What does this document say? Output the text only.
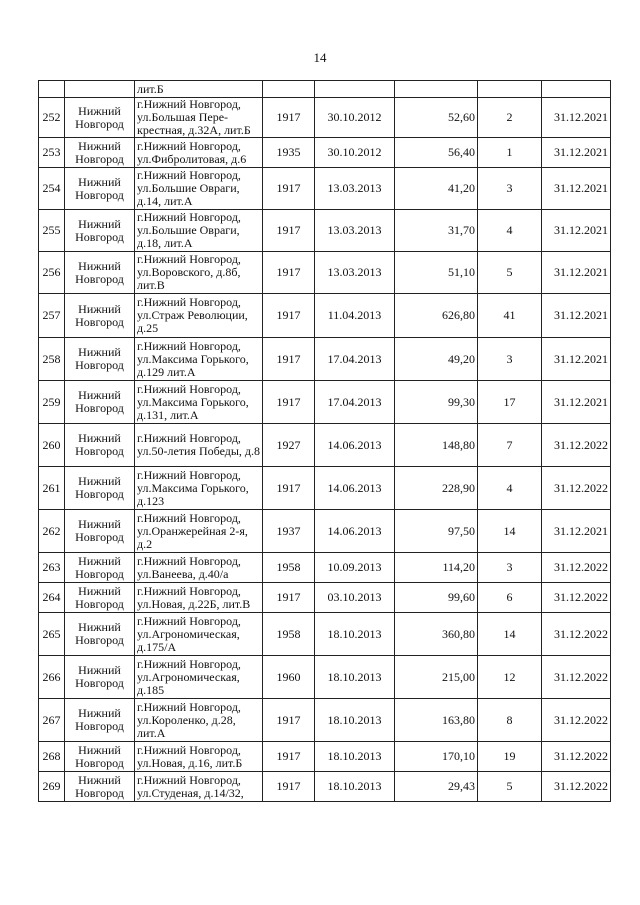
14
		лит.Б					
252	Нижний Новгород	г.Нижний Новгород, ул.Большая Пере-крестная, д.32А, лит.Б	1917	30.10.2012	52,60	2	31.12.2021
253	Нижний Новгород	г.Нижний Новгород, ул.Фибролитовая, д.6	1935	30.10.2012	56,40	1	31.12.2021
254	Нижний Новгород	г.Нижний Новгород, ул.Большие Овраги, д.14, лит.А	1917	13.03.2013	41,20	3	31.12.2021
255	Нижний Новгород	г.Нижний Новгород, ул.Большие Овраги, д.18, лит.А	1917	13.03.2013	31,70	4	31.12.2021
256	Нижний Новгород	г.Нижний Новгород, ул.Воровского, д.8б, лит.В	1917	13.03.2013	51,10	5	31.12.2021
257	Нижний Новгород	г.Нижний Новгород, ул.Страж Революции, д.25	1917	11.04.2013	626,80	41	31.12.2021
258	Нижний Новгород	г.Нижний Новгород, ул.Максима Горького, д.129 лит.А	1917	17.04.2013	49,20	3	31.12.2021
259	Нижний Новгород	г.Нижний Новгород, ул.Максима Горького, д.131, лит.А	1917	17.04.2013	99,30	17	31.12.2021
260	Нижний Новгород	г.Нижний Новгород, ул.50-летия Победы, д.8	1927	14.06.2013	148,80	7	31.12.2022
261	Нижний Новгород	г.Нижний Новгород, ул.Максима Горького, д.123	1917	14.06.2013	228,90	4	31.12.2022
262	Нижний Новгород	г.Нижний Новгород, ул.Оранжерейная 2-я, д.2	1937	14.06.2013	97,50	14	31.12.2021
263	Нижний Новгород	г.Нижний Новгород, ул.Ванеева, д.40/а	1958	10.09.2013	114,20	3	31.12.2022
264	Нижний Новгород	г.Нижний Новгород, ул.Новая, д.22Б, лит.В	1917	03.10.2013	99,60	6	31.12.2022
265	Нижний Новгород	г.Нижний Новгород, ул.Агрономическая, д.175/А	1958	18.10.2013	360,80	14	31.12.2022
266	Нижний Новгород	г.Нижний Новгород, ул.Агрономическая, д.185	1960	18.10.2013	215,00	12	31.12.2022
267	Нижний Новгород	г.Нижний Новгород, ул.Короленко, д.28, лит.А	1917	18.10.2013	163,80	8	31.12.2022
268	Нижний Новгород	г.Нижний Новгород, ул.Новая, д.16, лит.Б	1917	18.10.2013	170,10	19	31.12.2022
269	Нижний Новгород	г.Нижний Новгород, ул.Студеная, д.14/32,	1917	18.10.2013	29,43	5	31.12.2022
